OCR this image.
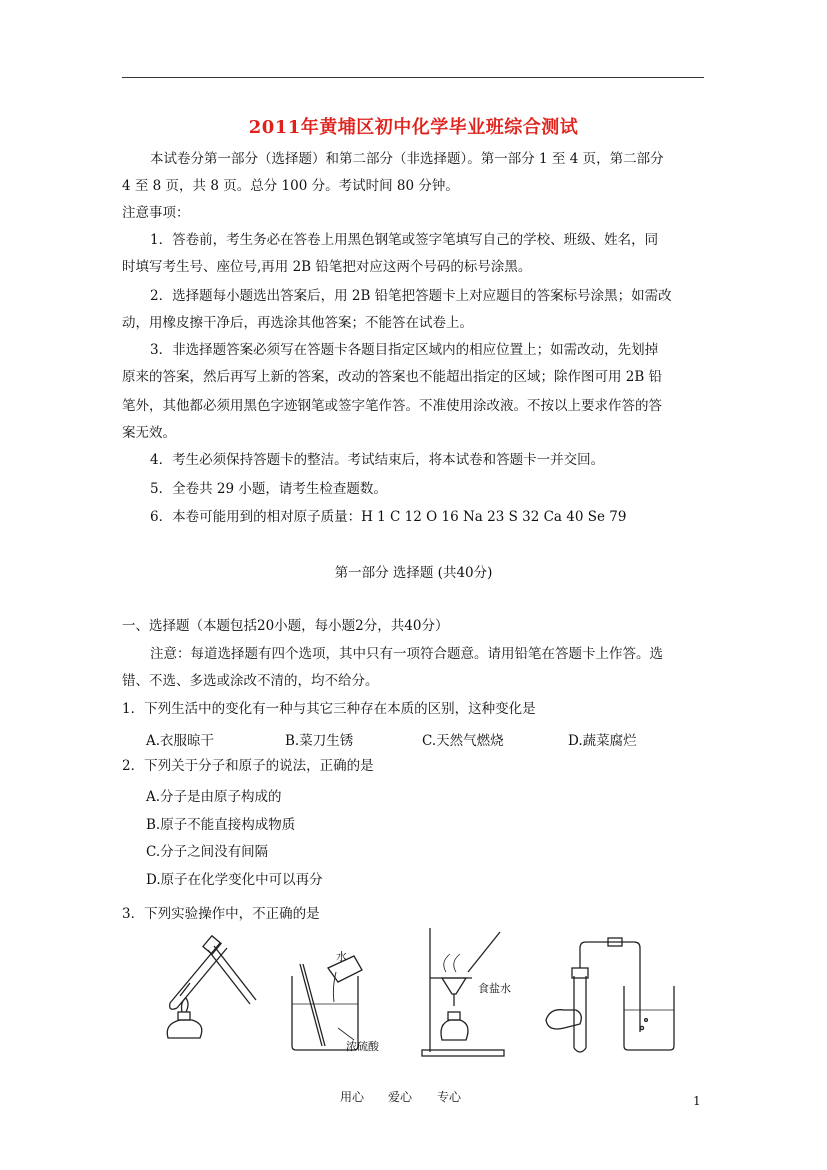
2011年黄埔区初中化学毕业班综合测试
本试卷分第一部分（选择题）和第二部分（非选择题）。第一部分 1 至 4 页，第二部分
4 至 8 页，共 8 页。总分 100 分。考试时间 80 分钟。
注意事项：
1．答卷前，考生务必在答卷上用黑色钢笔或签字笔填写自己的学校、班级、姓名，同
时填写考生号、座位号,再用 2B 铅笔把对应这两个号码的标号涂黑。
2．选择题每小题选出答案后，用 2B 铅笔把答题卡上对应题目的答案标号涂黑；如需改
动，用橡皮擦干净后，再选涂其他答案；不能答在试卷上。
3．非选择题答案必须写在答题卡各题目指定区域内的相应位置上；如需改动，先划掉
原来的答案，然后再写上新的答案，改动的答案也不能超出指定的区域；除作图可用 2B 铅
笔外，其他都必须用黑色字迹钢笔或签字笔作答。不准使用涂改液。不按以上要求作答的答
案无效。
4．考生必须保持答题卡的整洁。考试结束后，将本试卷和答题卡一并交回。
5．全卷共 29 小题，请考生检查题数。
6．本卷可能用到的相对原子质量：H 1 C 12 O 16 Na 23 S 32 Ca 40 Se 79
第一部分 选择题 (共40分)
一、选择题（本题包括20小题，每小题2分，共40分）
注意：每道选择题有四个选项，其中只有一项符合题意。请用铅笔在答题卡上作答。选
错、不选、多选或涂改不清的，均不给分。
1．下列生活中的变化有一种与其它三种存在本质的区别，这种变化是
A.衣服晾干	B.菜刀生锈	C.天然气燃烧	D.蔬菜腐烂
2．下列关于分子和原子的说法，正确的是
A.分子是由原子构成的
B.原子不能直接构成物质
C.分子之间没有间隔
D.原子在化学变化中可以再分
3．下列实验操作中，不正确的是
水
浓硫酸
食盐水
用心 爱心 专心	1
